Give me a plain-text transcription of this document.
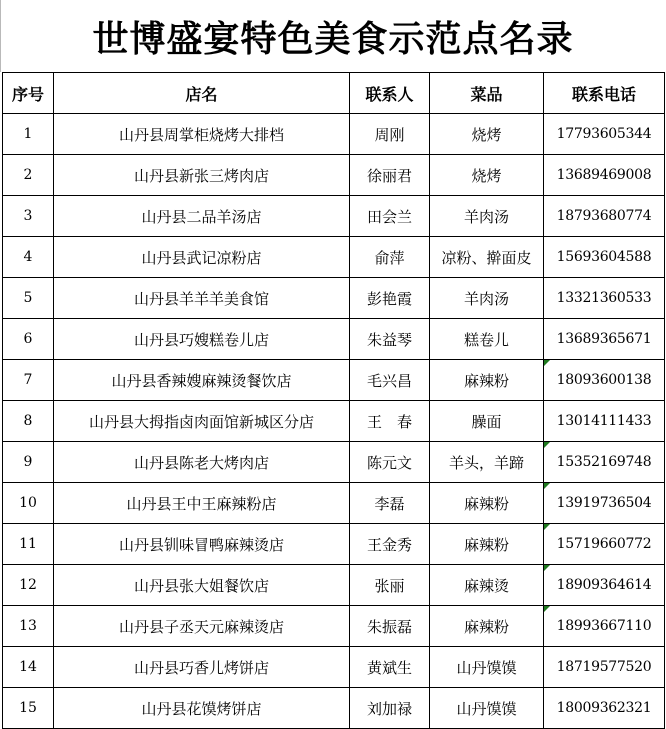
世博盛宴特色美食示范点名录
序号	店名	联系人	菜品	联系电话
1	山丹县周掌柜烧烤大排档	周刚	烧烤	17793605344
2	山丹县新张三烤肉店	徐丽君	烧烤	13689469008
3	山丹县二品羊汤店	田会兰	羊肉汤	18793680774
4	山丹县武记凉粉店	俞萍	凉粉、擀面皮	15693604588
5	山丹县羊羊羊美食馆	彭艳霞	羊肉汤	13321360533
6	山丹县巧嫂糕卷儿店	朱益琴	糕卷儿	13689365671
7	山丹县香辣嫂麻辣烫餐饮店	毛兴昌	麻辣粉	18093600138
8	山丹县大拇指卤肉面馆新城区分店	王　春	臊面	13014111433
9	山丹县陈老大烤肉店	陈元文	羊头，羊蹄	15352169748
10	山丹县王中王麻辣粉店	李磊	麻辣粉	13919736504
11	山丹县钏味冒鸭麻辣烫店	王金秀	麻辣粉	15719660772
12	山丹县张大姐餐饮店	张丽	麻辣烫	18909364614
13	山丹县子丞天元麻辣烫店	朱振磊	麻辣粉	18993667110
14	山丹县巧香儿烤饼店	黄斌生	山丹馍馍	18719577520
15	山丹县花馍烤饼店	刘加禄	山丹馍馍	18009362321
